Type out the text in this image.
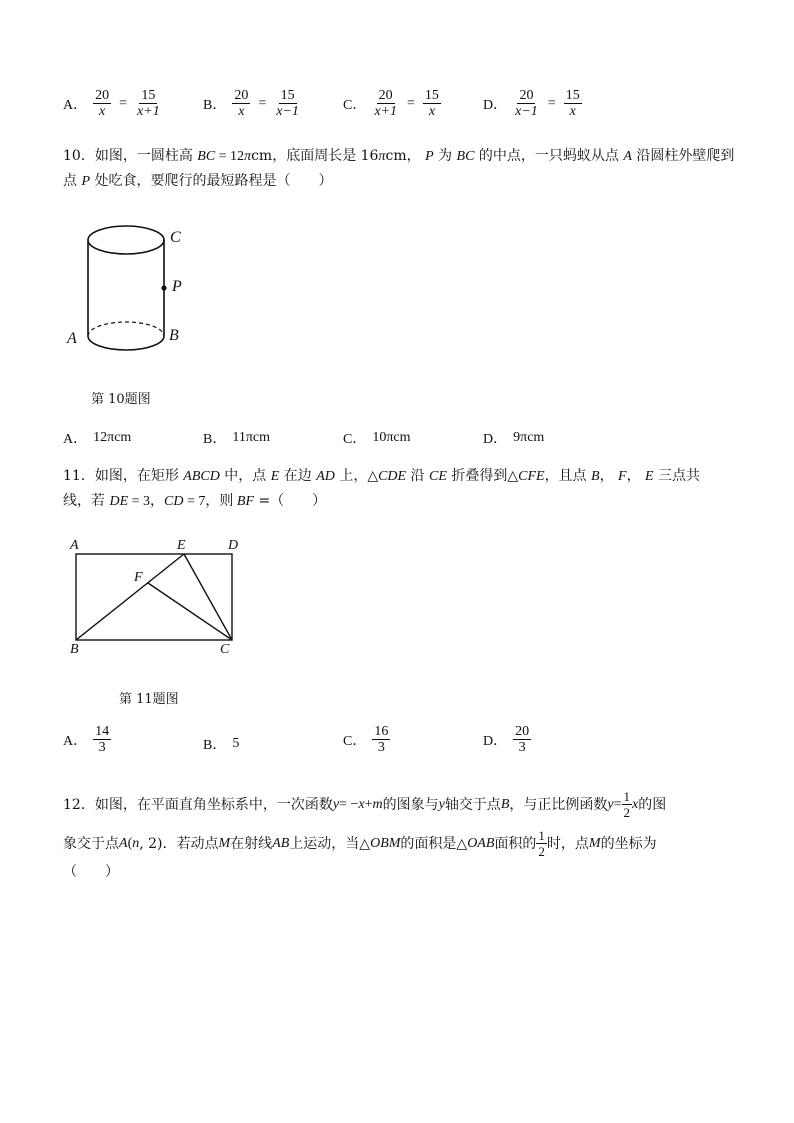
A． $\frac{20}{x} = \frac{15}{x+1}$	B． $\frac{20}{x} = \frac{15}{x-1}$	C． $\frac{20}{x+1} = \frac{15}{x}$	D． $\frac{20}{x-1} = \frac{15}{x}$
10．如图，一圆柱高 BC = 12πcm，底面周长是 16πcm， P 为 BC 的中点，一只蚂蚁从点 A 沿圆柱外壁爬到
点 P 处吃食，要爬行的最短路程是（　　）
C
P
A	B
第 10题图
A． 12πcm	B． 11πcm	C． 10πcm	D． 9πcm
11．如图，在矩形 ABCD 中，点 E 在边 AD 上，△CDE 沿 CE 折叠得到△CFE，且点 B， F， E 三点共
线，若 DE = 3，CD = 7，则 BF =（　　）
A	E	D
F
B	C
第 11题图
A． $\frac{14}{3}$	B． 5	C． $\frac{16}{3}$	D． $\frac{20}{3}$
12．如图，在平面直角坐标系中，一次函数 y = − x + m 的图象与 y 轴交于点 B ，与正比例函数 $y = \frac{1}{2}$ x 的图
象交于点 A ( n , 2)．若动点 M 在射线 AB 上运动，当△ OBM 的面积是△ OAB 面积的 $\frac{1}{2}$ 时，点 M 的坐标为
（　　）
